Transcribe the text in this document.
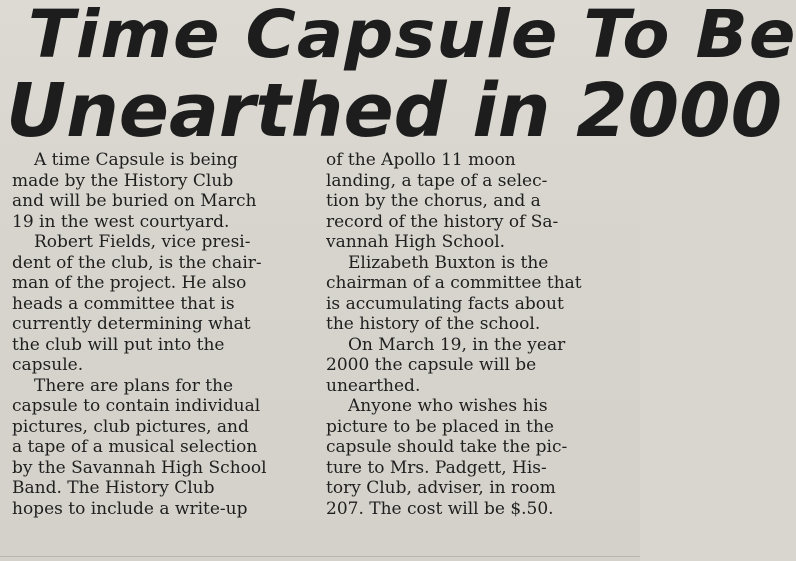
Time Capsule To Be
Unearthed in 2000
A time Capsule is being
made by the History Club
and will be buried on March
19 in the west courtyard.
Robert Fields, vice presi-
dent of the club, is the chair-
man of the project. He also
heads a committee that is
currently determining what
the club will put into the
capsule.
There are plans for the
capsule to contain individual
pictures, club pictures, and
a tape of a musical selection
by the Savannah High School
Band. The History Club
hopes to include a write-up
of the Apollo 11 moon
landing, a tape of a selec-
tion by the chorus, and a
record of the history of Sa-
vannah High School.
Elizabeth Buxton is the
chairman of a committee that
is accumulating facts about
the history of the school.
On March 19, in the year
2000 the capsule will be
unearthed.
Anyone who wishes his
picture to be placed in the
capsule should take the pic-
ture to Mrs. Padgett, His-
tory Club, adviser, in room
207. The cost will be $.50.
